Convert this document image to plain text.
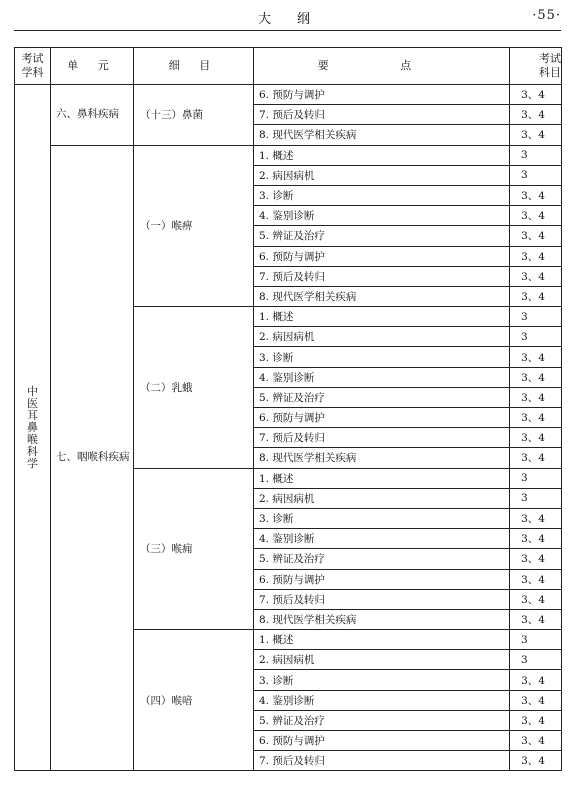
大纲	·55·
考试学科	单 元	细 目	要 点	考试科目
中医耳鼻喉科学	六、鼻科疾病	（十三）鼻菌	6. 预防与调护	3、4
			7. 预后及转归	3、4
			8. 现代医学相关疾病	3、4
	七、咽喉科疾病	（一）喉痹	1. 概述	3
			2. 病因病机	3
			3. 诊断	3、4
			4. 鉴别诊断	3、4
			5. 辨证及治疗	3、4
			6. 预防与调护	3、4
			7. 预后及转归	3、4
			8. 现代医学相关疾病	3、4
		（二）乳蛾	1. 概述	3
			2. 病因病机	3
			3. 诊断	3、4
			4. 鉴别诊断	3、4
			5. 辨证及治疗	3、4
			6. 预防与调护	3、4
			7. 预后及转归	3、4
			8. 现代医学相关疾病	3、4
		（三）喉痈	1. 概述	3
			2. 病因病机	3
			3. 诊断	3、4
			4. 鉴别诊断	3、4
			5. 辨证及治疗	3、4
			6. 预防与调护	3、4
			7. 预后及转归	3、4
			8. 现代医学相关疾病	3、4
		（四）喉喑	1. 概述	3
			2. 病因病机	3
			3. 诊断	3、4
			4. 鉴别诊断	3、4
			5. 辨证及治疗	3、4
			6. 预防与调护	3、4
			7. 预后及转归	3、4
